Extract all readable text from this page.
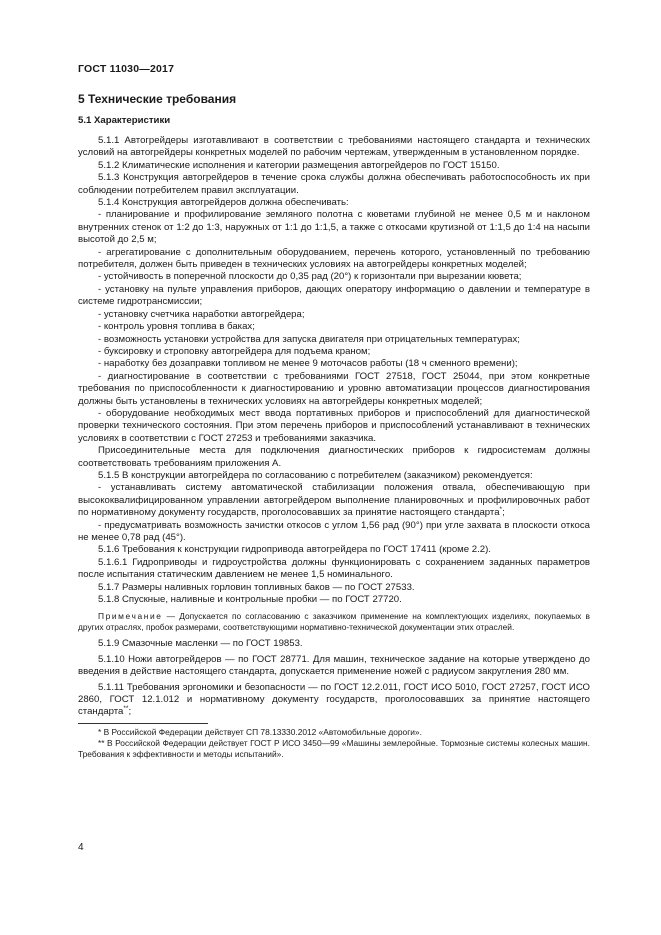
ГОСТ 11030—2017
5 Технические требования
5.1 Характеристики

5.1.1 Автогрейдеры изготавливают в соответствии с требованиями настоящего стандарта и технических условий на автогрейдеры конкретных моделей по рабочим чертежам, утвержденным в установленном порядке.

5.1.2 Климатические исполнения и категории размещения автогрейдеров по ГОСТ 15150.

5.1.3 Конструкция автогрейдеров в течение срока службы должна обеспечивать работоспособность их при соблюдении потребителем правил эксплуатации.

5.1.4 Конструкция автогрейдеров должна обеспечивать:

- планирование и профилирование земляного полотна с кюветами глубиной не менее 0,5 м и наклоном внутренних стенок от 1:2 до 1:3, наружных от 1:1 до 1:1,5, а также с откосами крутизной от 1:1,5 до 1:4 на насыпи высотой до 2,5 м;

- агрегатирование с дополнительным оборудованием, перечень которого, установленный по требованию потребителя, должен быть приведен в технических условиях на автогрейдеры конкретных моделей;

- устойчивость в поперечной плоскости до 0,35 рад (20°) к горизонтали при вырезании кювета;

- установку на пульте управления приборов, дающих оператору информацию о давлении и температуре в системе гидротрансмиссии;

- установку счетчика наработки автогрейдера;

- контроль уровня топлива в баках;

- возможность установки устройства для запуска двигателя при отрицательных температурах;

- буксировку и строповку автогрейдера для подъема краном;

- наработку без дозаправки топливом не менее 9 моточасов работы (18 ч сменного времени);

- диагностирование в соответствии с требованиями ГОСТ 27518, ГОСТ 25044, при этом конкретные требования по приспособленности к диагностированию и уровню автоматизации процессов диагностирования должны быть установлены в технических условиях на автогрейдеры конкретных моделей;

- оборудование необходимых мест ввода портативных приборов и приспособлений для диагностической проверки технического состояния. При этом перечень приборов и приспособлений устанавливают в технических условиях в соответствии с ГОСТ 27253 и требованиями заказчика.

Присоединительные места для подключения диагностических приборов к гидросистемам должны соответствовать требованиям приложения А.

5.1.5 В конструкции автогрейдера по согласованию с потребителем (заказчиком) рекомендуется:

- устанавливать систему автоматической стабилизации положения отвала, обеспечивающую при высококвалифицированном управлении автогрейдером выполнение планировочных и профилировочных работ по нормативному документу государств, проголосовавших за принятие настоящего стандарта*;

- предусматривать возможность зачистки откосов с углом 1,56 рад (90°) при угле захвата в плоскости откоса не менее 0,78 рад (45°).

5.1.6 Требования к конструкции гидропривода автогрейдера по ГОСТ 17411 (кроме 2.2).

5.1.6.1 Гидроприводы и гидроустройства должны функционировать с сохранением заданных параметров после испытания статическим давлением не менее 1,5 номинального.

5.1.7 Размеры наливных горловин топливных баков — по ГОСТ 27533.

5.1.8 Спускные, наливные и контрольные пробки — по ГОСТ 27720.

Примечание — Допускается по согласованию с заказчиком применение на комплектующих изделиях, покупаемых в других отраслях, пробок размерами, соответствующими нормативно-технической документации этих отраслей.

5.1.9 Смазочные масленки — по ГОСТ 19853.

5.1.10 Ножи автогрейдеров — по ГОСТ 28771. Для машин, техническое задание на которые утверждено до введения в действие настоящего стандарта, допускается применение ножей с радиусом закругления 280 мм.

5.1.11 Требования эргономики и безопасности — по ГОСТ 12.2.011, ГОСТ ИСО 5010, ГОСТ 27257, ГОСТ ИСО 2860, ГОСТ 12.1.012 и нормативному документу государств, проголосовавших за принятие настоящего стандарта**;

* В Российской Федерации действует СП 78.13330.2012 «Автомобильные дороги».

** В Российской Федерации действует ГОСТ Р ИСО 3450—99 «Машины землеройные. Тормозные системы колесных машин. Требования к эффективности и методы испытаний».

4
